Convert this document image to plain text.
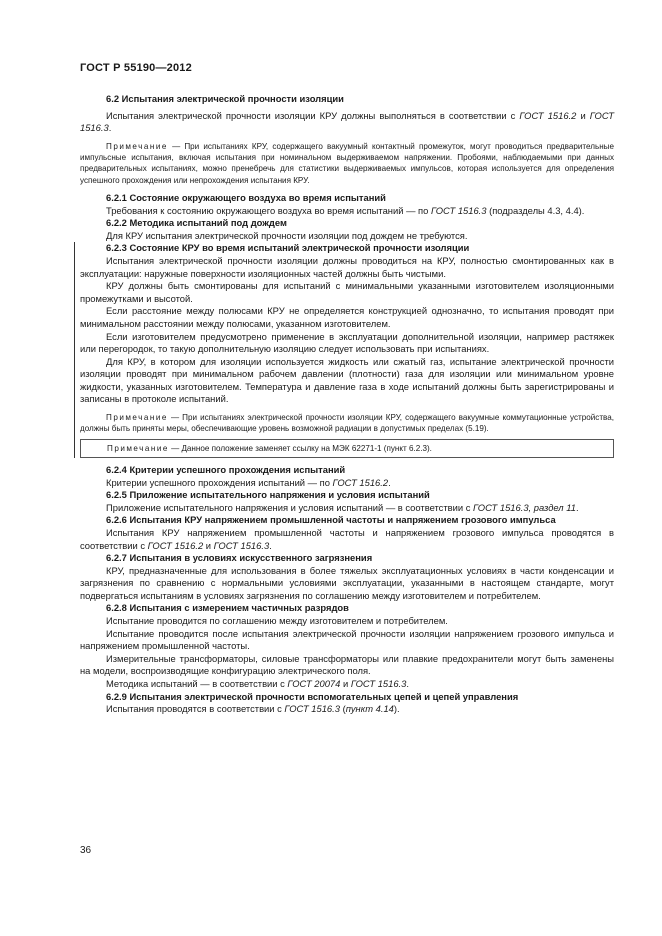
ГОСТ Р 55190—2012

6.2 Испытания электрической прочности изоляции

Испытания электрической прочности изоляции КРУ должны выполняться в соответствии с ГОСТ 1516.2 и ГОСТ 1516.3.

Примечание — При испытаниях КРУ, содержащего вакуумный контактный промежуток, могут проводиться предварительные импульсные испытания, включая испытания при номинальном выдерживаемом напряжении. Пробоями, наблюдаемыми при данных предварительных испытаниях, можно пренебречь для статистики выдерживаемых импульсов, которая используется для определения успешного прохождения или непрохождения испытания КРУ.

6.2.1 Состояние окружающего воздуха во время испытаний

Требования к состоянию окружающего воздуха во время испытаний — по ГОСТ 1516.3 (подразделы 4.3, 4.4).

6.2.2 Методика испытаний под дождем

Для КРУ испытания электрической прочности изоляции под дождем не требуются.

6.2.3 Состояние КРУ во время испытаний электрической прочности изоляции

Испытания электрической прочности изоляции должны проводиться на КРУ, полностью смонтированных как в эксплуатации: наружные поверхности изоляционных частей должны быть чистыми.

КРУ должны быть смонтированы для испытаний с минимальными указанными изготовителем изоляционными промежутками и высотой.

Если расстояние между полюсами КРУ не определяется конструкцией однозначно, то испытания проводят при минимальном расстоянии между полюсами, указанном изготовителем.

Если изготовителем предусмотрено применение в эксплуатации дополнительной изоляции, например растяжек или перегородок, то такую дополнительную изоляцию следует использовать при испытаниях.

Для КРУ, в котором для изоляции используется жидкость или сжатый газ, испытание электрической прочности изоляции проводят при минимальном рабочем давлении (плотности) газа для изоляции или минимальном уровне жидкости, указанных изготовителем. Температура и давление газа в ходе испытаний должны быть зарегистрированы и записаны в протоколе испытаний.

Примечание — При испытаниях электрической прочности изоляции КРУ, содержащего вакуумные коммутационные устройства, должны быть приняты меры, обеспечивающие уровень возможной радиации в допустимых пределах (5.19).

Примечание — Данное положение заменяет ссылку на МЭК 62271-1 (пункт 6.2.3).

6.2.4 Критерии успешного прохождения испытаний

Критерии успешного прохождения испытаний — по ГОСТ 1516.2.

6.2.5 Приложение испытательного напряжения и условия испытаний

Приложение испытательного напряжения и условия испытаний — в соответствии с ГОСТ 1516.3, раздел 11.

6.2.6 Испытания КРУ напряжением промышленной частоты и напряжением грозового импульса

Испытания КРУ напряжением промышленной частоты и напряжением грозового импульса проводятся в соответствии с ГОСТ 1516.2 и ГОСТ 1516.3.

6.2.7 Испытания в условиях искусственного загрязнения

КРУ, предназначенные для использования в более тяжелых эксплуатационных условиях в части конденсации и загрязнения по сравнению с нормальными условиями эксплуатации, указанными в настоящем стандарте, могут подвергаться испытаниям в условиях загрязнения по соглашению между изготовителем и потребителем.

6.2.8 Испытания с измерением частичных разрядов

Испытание проводится по соглашению между изготовителем и потребителем.

Испытание проводится после испытания электрической прочности изоляции напряжением грозового импульса и напряжением промышленной частоты.

Измерительные трансформаторы, силовые трансформаторы или плавкие предохранители могут быть заменены на модели, воспроизводящие конфигурацию электрического поля.

Методика испытаний — в соответствии с ГОСТ 20074 и ГОСТ 1516.3.

6.2.9 Испытания электрической прочности вспомогательных цепей и цепей управления

Испытания проводятся в соответствии с ГОСТ 1516.3 (пункт 4.14).

36
